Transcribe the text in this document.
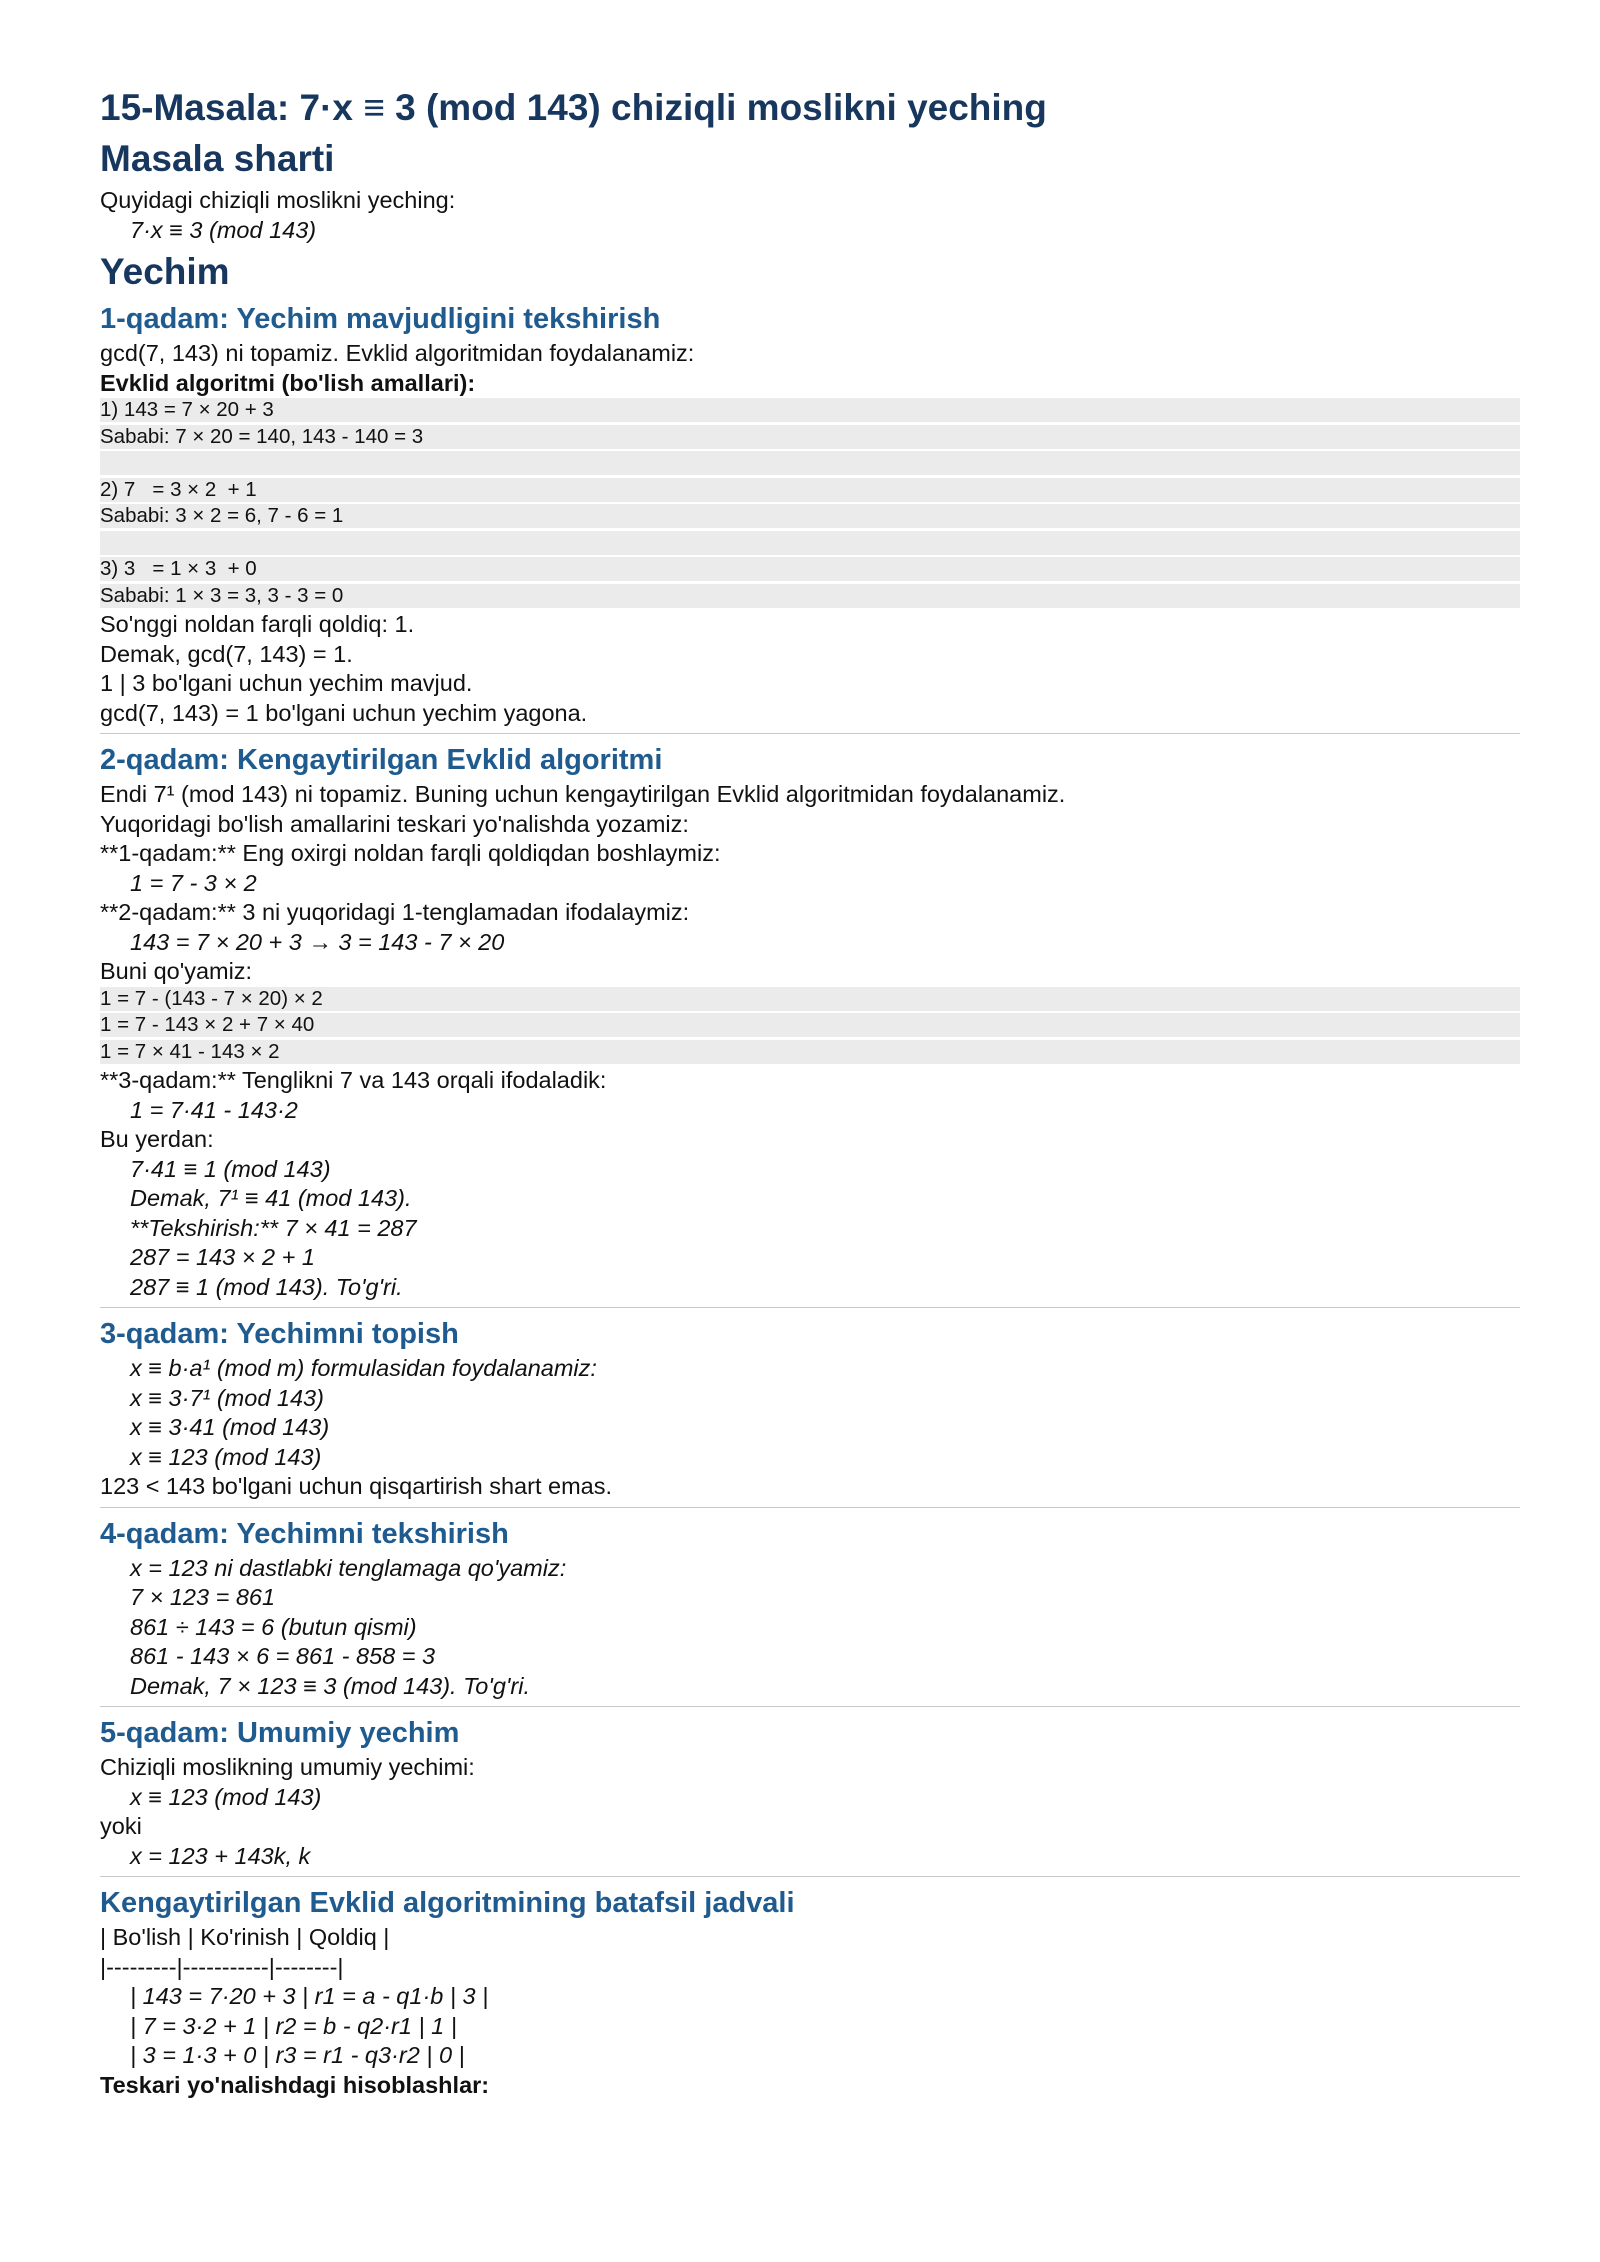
15-Masala: 7·x ≡ 3 (mod 143) chiziqli moslikni yeching
Masala sharti
Quyidagi chiziqli moslikni yeching:
7·x ≡ 3 (mod 143)
Yechim
1-qadam: Yechim mavjudligini tekshirish
gcd(7, 143) ni topamiz. Evklid algoritmidan foydalanamiz:
Evklid algoritmi (bo'lish amallari):
1) 143 = 7 × 20 + 3
Sababi: 7 × 20 = 140, 143 - 140 = 3
2) 7   = 3 × 2  + 1
Sababi: 3 × 2 = 6, 7 - 6 = 1
3) 3   = 1 × 3  + 0
Sababi: 1 × 3 = 3, 3 - 3 = 0
So'nggi noldan farqli qoldiq: 1.
Demak, gcd(7, 143) = 1.
1 | 3 bo'lgani uchun yechim mavjud.
gcd(7, 143) = 1 bo'lgani uchun yechim yagona.
2-qadam: Kengaytirilgan Evklid algoritmi
Endi 7¹ (mod 143) ni topamiz. Buning uchun kengaytirilgan Evklid algoritmidan foydalanamiz.
Yuqoridagi bo'lish amallarini teskari yo'nalishda yozamiz:
**1-qadam:** Eng oxirgi noldan farqli qoldiqdan boshlaymiz:
1 = 7 - 3 × 2
**2-qadam:** 3 ni yuqoridagi 1-tenglamadan ifodalaymiz:
143 = 7 × 20 + 3 → 3 = 143 - 7 × 20
Buni qo'yamiz:
1 = 7 - (143 - 7 × 20) × 2
1 = 7 - 143 × 2 + 7 × 40
1 = 7 × 41 - 143 × 2
**3-qadam:** Tenglikni 7 va 143 orqali ifodaladik:
1 = 7·41 - 143·2
Bu yerdan:
7·41 ≡ 1 (mod 143)
Demak, 7¹ ≡ 41 (mod 143).
**Tekshirish:** 7 × 41 = 287
287 = 143 × 2 + 1
287 ≡ 1 (mod 143). To'g'ri.
3-qadam: Yechimni topish
x ≡ b·a¹ (mod m) formulasidan foydalanamiz:
x ≡ 3·7¹ (mod 143)
x ≡ 3·41 (mod 143)
x ≡ 123 (mod 143)
123 < 143 bo'lgani uchun qisqartirish shart emas.
4-qadam: Yechimni tekshirish
x = 123 ni dastlabki tenglamaga qo'yamiz:
7 × 123 = 861
861 ÷ 143 = 6 (butun qismi)
861 - 143 × 6 = 861 - 858 = 3
Demak, 7 × 123 ≡ 3 (mod 143). To'g'ri.
5-qadam: Umumiy yechim
Chiziqli moslikning umumiy yechimi:
x ≡ 123 (mod 143)
yoki
x = 123 + 143k, k
Kengaytirilgan Evklid algoritmining batafsil jadvali
| Bo'lish | Ko'rinish | Qoldiq |
|---------|-----------|--------|
| 143 = 7·20 + 3 | r1 = a - q1·b | 3 |
| 7 = 3·2 + 1 | r2 = b - q2·r1 | 1 |
| 3 = 1·3 + 0 | r3 = r1 - q3·r2 | 0 |
Teskari yo'nalishdagi hisoblashlar:
